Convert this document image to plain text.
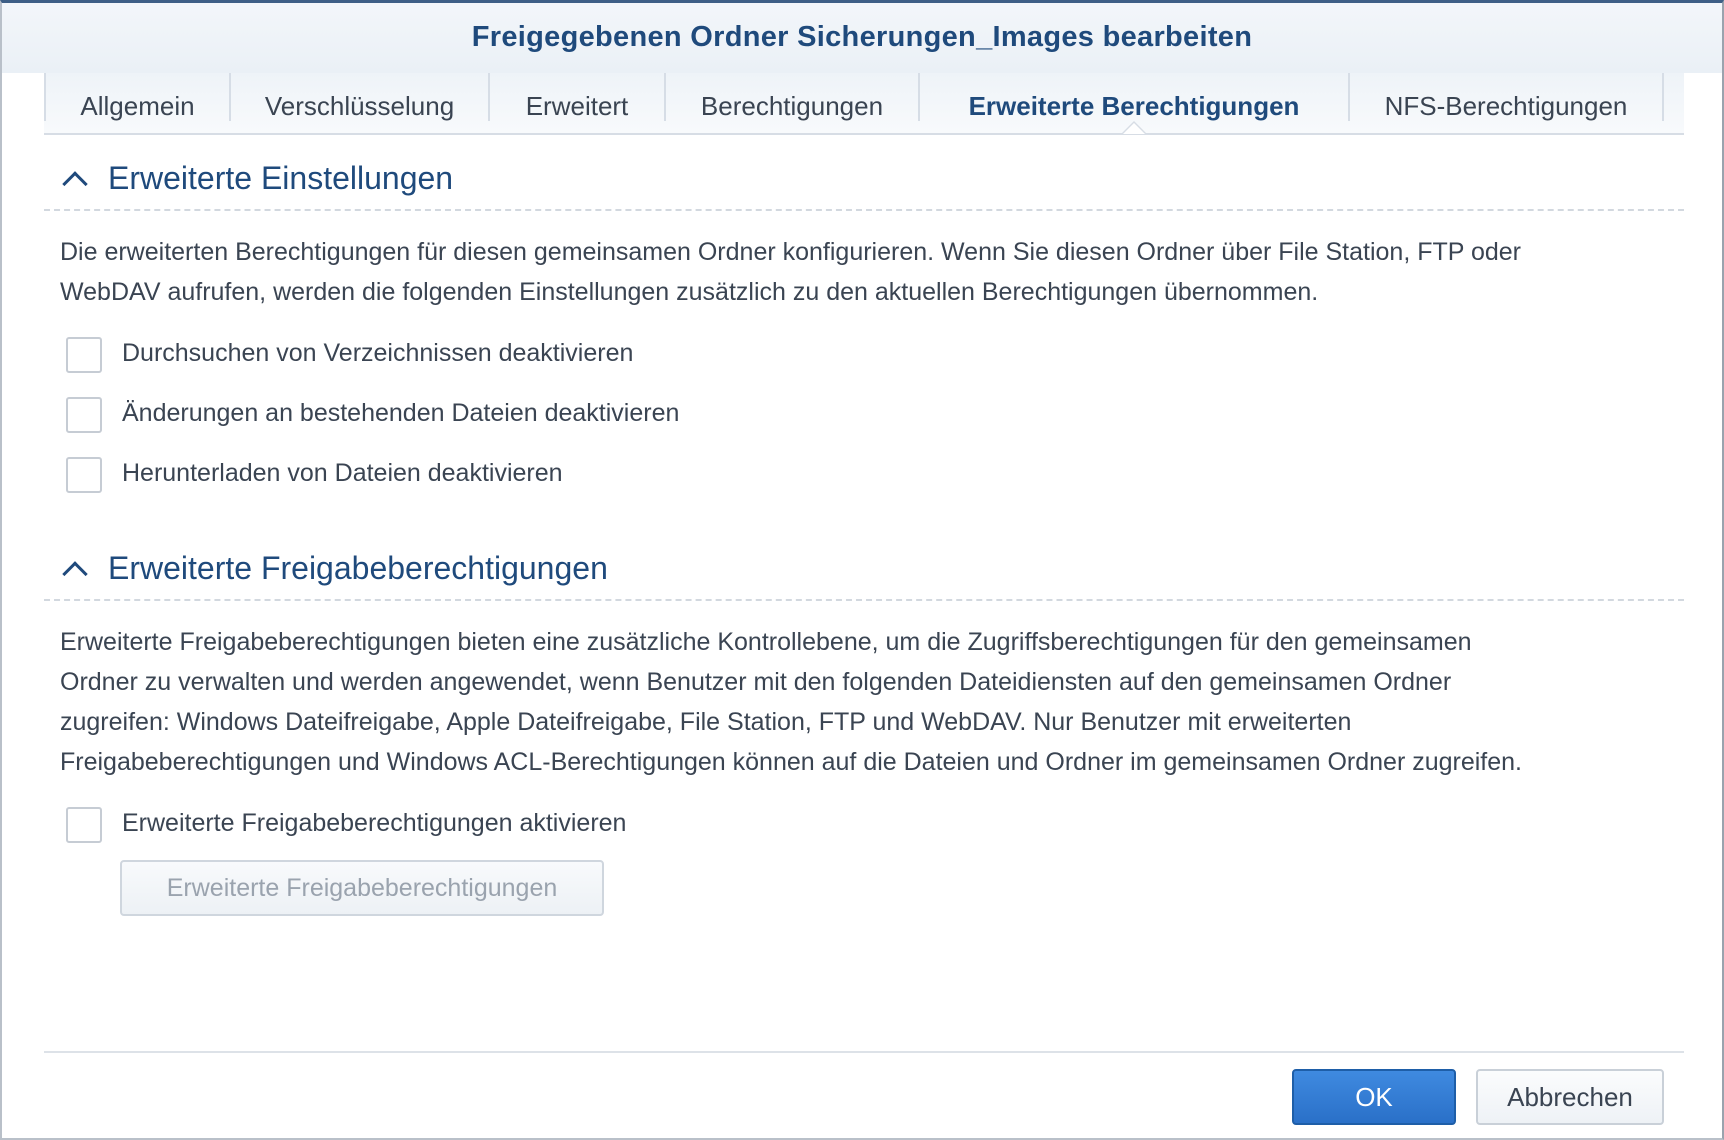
Freigegebenen Ordner Sicherungen_Images bearbeiten
Allgemein	Verschlüsselung	Erweitert	Berechtigungen	Erweiterte Berechtigungen	NFS-Berechtigungen
Erweiterte Einstellungen
Die erweiterten Berechtigungen für diesen gemeinsamen Ordner konfigurieren. Wenn Sie diesen Ordner über File Station, FTP oder
WebDAV aufrufen, werden die folgenden Einstellungen zusätzlich zu den aktuellen Berechtigungen übernommen.
Durchsuchen von Verzeichnissen deaktivieren
Änderungen an bestehenden Dateien deaktivieren
Herunterladen von Dateien deaktivieren
Erweiterte Freigabeberechtigungen
Erweiterte Freigabeberechtigungen bieten eine zusätzliche Kontrollebene, um die Zugriffsberechtigungen für den gemeinsamen
Ordner zu verwalten und werden angewendet, wenn Benutzer mit den folgenden Dateidiensten auf den gemeinsamen Ordner
zugreifen: Windows Dateifreigabe, Apple Dateifreigabe, File Station, FTP und WebDAV. Nur Benutzer mit erweiterten
Freigabeberechtigungen und Windows ACL-Berechtigungen können auf die Dateien und Ordner im gemeinsamen Ordner zugreifen.
Erweiterte Freigabeberechtigungen aktivieren
Erweiterte Freigabeberechtigungen
OK	Abbrechen
